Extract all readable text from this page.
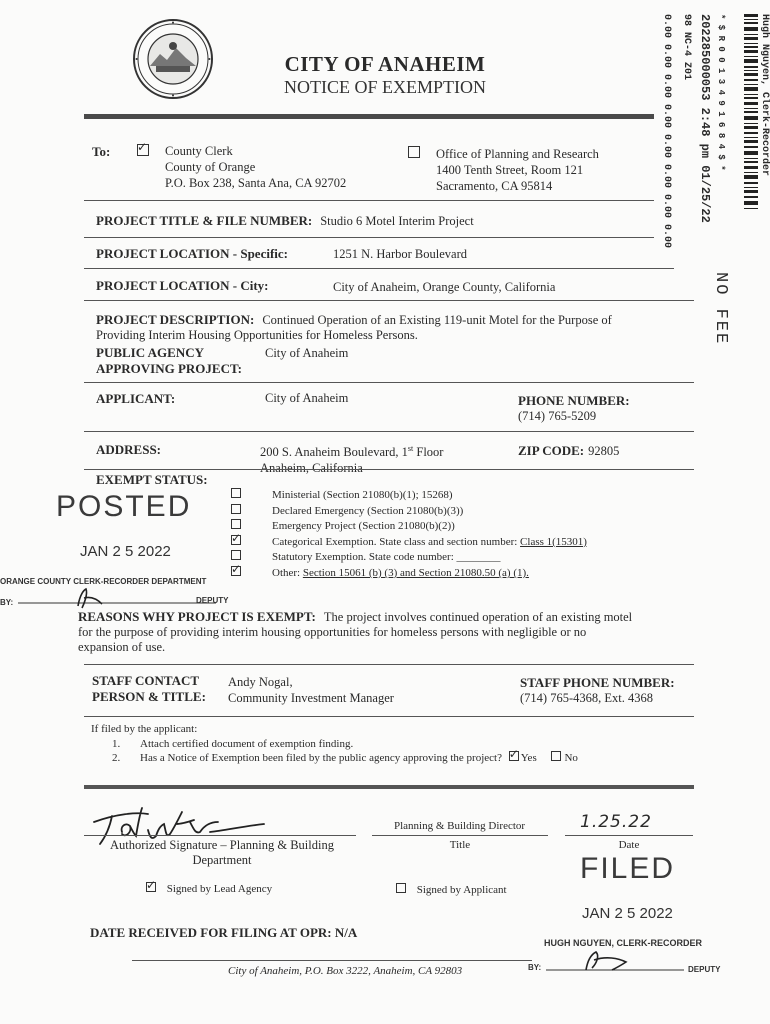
CITY OF ANAHEIM
NOTICE OF EXEMPTION	Hugh Nguyen, Clerk-Recorder
* $ R 0 0 1 3 4 9 1 6 8 4 $ *
202285000053 2:48 pm 01/25/22
98 NC-4 Z01
0.00 0.00 0.00 0.00 0.00 0.00 0.00 0.00
NO FEE
To: ✓	County Clerk
County of Orange
P.O. Box 238, Santa Ana, CA 92702
Office of Planning and Research
1400 Tenth Street, Room 121
Sacramento, CA 95814
PROJECT TITLE & FILE NUMBER: Studio 6 Motel Interim Project
PROJECT LOCATION - Specific:	1251 N. Harbor Boulevard
PROJECT LOCATION - City:	City of Anaheim, Orange County, California
PROJECT DESCRIPTION: Continued Operation of an Existing 119-unit Motel for the Purpose of
Providing Interim Housing Opportunities for Homeless Persons.
PUBLIC AGENCY
APPROVING PROJECT:
City of Anaheim
APPLICANT:	City of Anaheim	PHONE NUMBER:
(714) 765-5209
ADDRESS:	200 S. Anaheim Boulevard, 1st Floor	ZIP CODE: 92805
EXEMPT STATUS:
Ministerial (Section 21080(b)(1); 15268)
Declared Emergency (Section 21080(b)(3))
Emergency Project (Section 21080(b)(2))
✓Categorical Exemption. State class and section number: Class 1(15301)
Statutory Exemption. State code number: ________
✓Other: Section 15061 (b) (3) and Section 21080.50 (a) (1).
POSTED
JAN 2 5 2022
ORANGE COUNTY CLERK-RECORDER DEPARTMENT
BY:	DEPUTY
REASONS WHY PROJECT IS EXEMPT: The project involves continued operation of an existing motel
for the purpose of providing interim housing opportunities for homeless persons with negligible or no
expansion of use.
STAFF CONTACT
PERSON & TITLE:
Andy Nogal,
Community Investment Manager
STAFF PHONE NUMBER:
(714) 765-4368, Ext. 4368
If filed by the applicant:
1. Attach certified document of exemption finding.
2. Has a Notice of Exemption been filed by the public agency approving the project? ✓ Yes	No
Authorized Signature – Planning & Building
Department
Planning & Building Director
Title
1.25.22
Date
✓ Signed by Lead Agency	Signed by Applicant
FILED
JAN 2 5 2022
HUGH NGUYEN, CLERK-RECORDER
BY:	DEPUTY
DATE RECEIVED FOR FILING AT OPR: N/A
City of Anaheim, P.O. Box 3222, Anaheim, CA 92803
